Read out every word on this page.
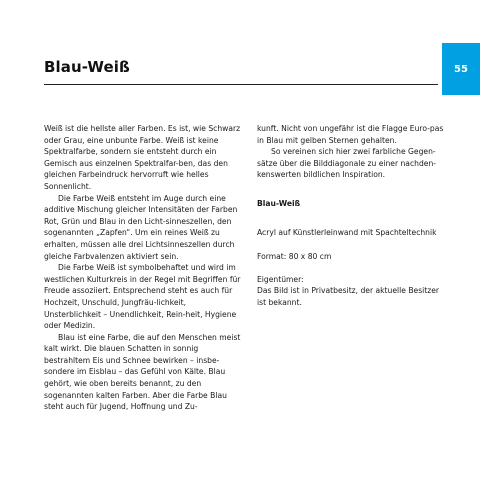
Blau-Weiß	55

Weiß ist die hellste aller Farben. Es ist, wie Schwarz oder Grau, eine unbunte Farbe. Weiß ist keine Spektralfarbe, sondern sie entsteht durch ein Gemisch aus einzelnen Spektralfar-ben, das den gleichen Farbeindruck hervorruft wie helles Sonnenlicht.

Die Farbe Weiß entsteht im Auge durch eine additive Mischung gleicher Intensitäten der Farben Rot, Grün und Blau in den Licht-sinneszellen, den sogenannten „Zapfen“. Um ein reines Weiß zu erhalten, müssen alle drei Lichtsinneszellen durch gleiche Farbvalenzen aktiviert sein.

Die Farbe Weiß ist symbolbehaftet und wird im westlichen Kulturkreis in der Regel mit Begriffen für Freude assoziiert. Entsprechend steht es auch für Hochzeit, Unschuld, Jungfräu-lichkeit, Unsterblichkeit – Unendlichkeit, Rein-heit, Hygiene oder Medizin.

Blau ist eine Farbe, die auf den Menschen meist kalt wirkt. Die blauen Schatten in sonnig bestrahltem Eis und Schnee bewirken – insbe-sondere im Eisblau – das Gefühl von Kälte. Blau gehört, wie oben bereits benannt, zu den sogenannten kalten Farben. Aber die Farbe Blau steht auch für Jugend, Hoffnung und Zu-

kunft. Nicht von ungefähr ist die Flagge Euro-pas in Blau mit gelben Sternen gehalten.

So vereinen sich hier zwei farbliche Gegen-sätze über die Bilddiagonale zu einer nachden-kenswerten bildlichen Inspiration.

Blau-Weiß

Acryl auf Künstlerleinwand mit Spachteltechnik

Format: 80 x 80 cm

Eigentümer:

Das Bild ist in Privatbesitz, der aktuelle Besitzer ist bekannt.
